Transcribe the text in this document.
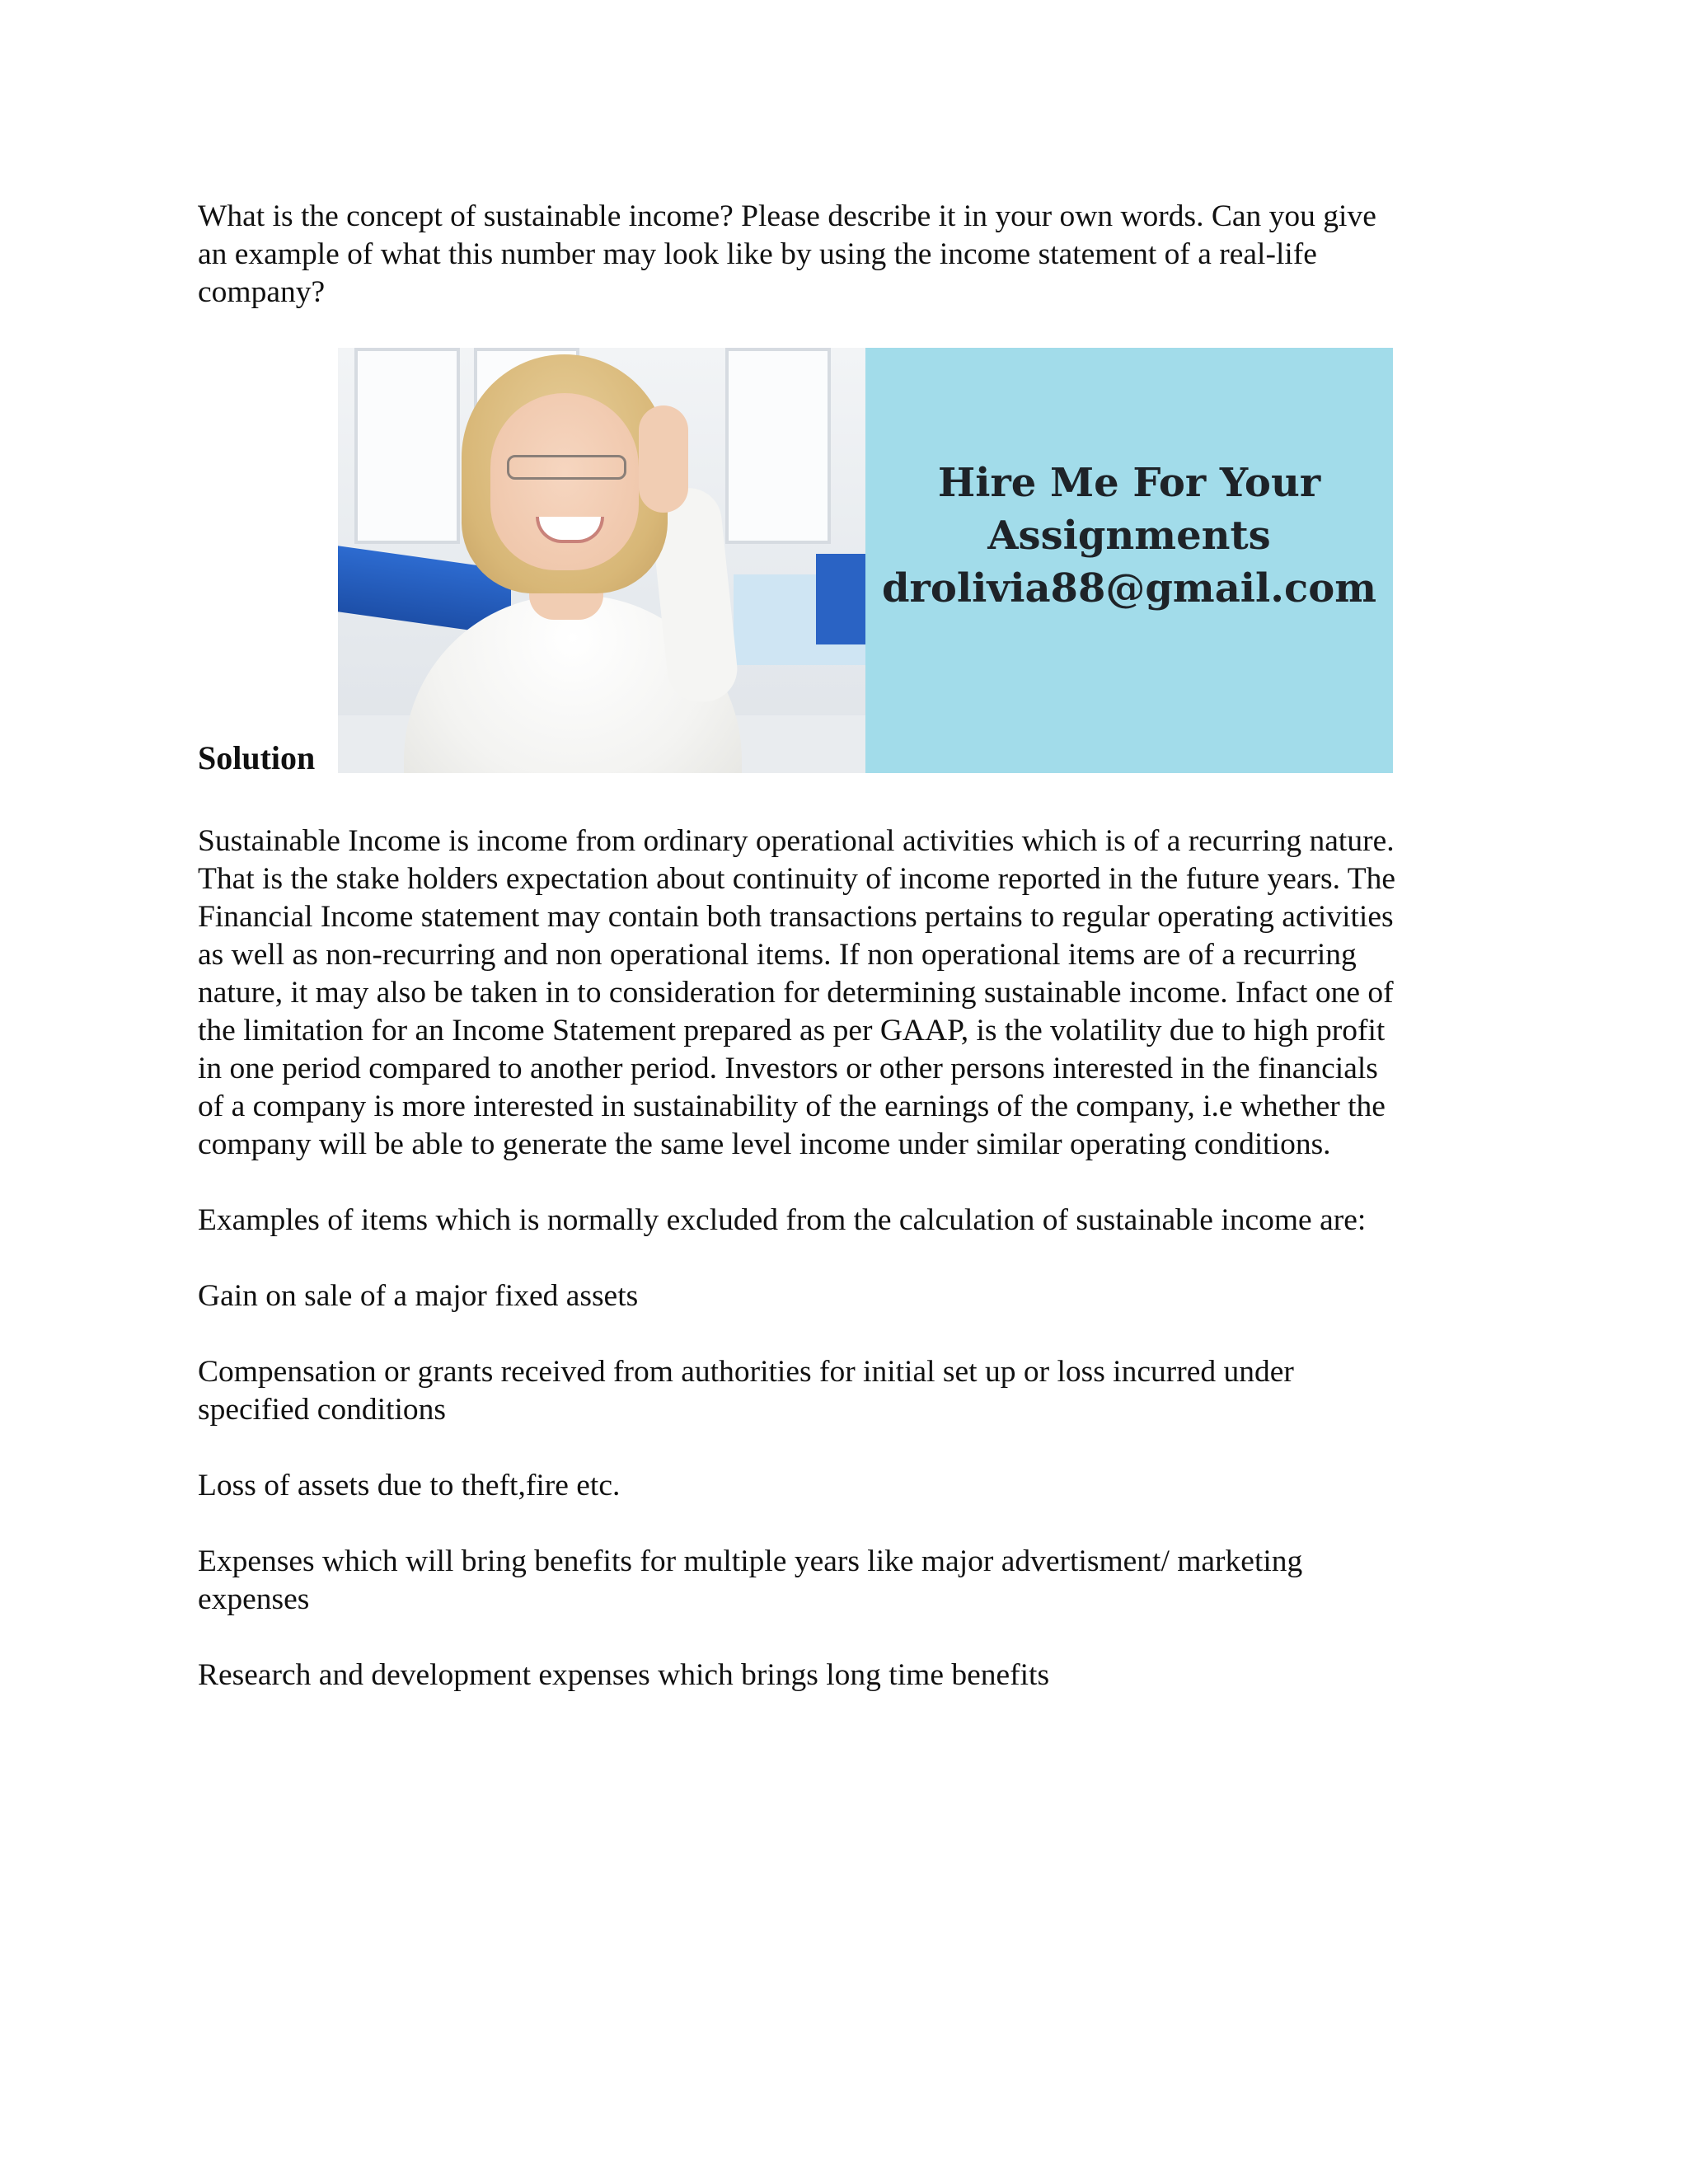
What is the concept of sustainable income? Please describe it in your own words. Can you give

an example of what this number may look like by using the income statement of a real-life

company?

Solution
Hire Me For Your
Assignments
drolivia88@gmail.com

Sustainable Income is income from ordinary operational activities which is of a recurring nature.

That is the stake holders expectation about continuity of income reported in the future years. The

Financial Income statement may contain both transactions pertains to regular operating activities

as well as non-recurring and non operational items. If non operational items are of a recurring

nature, it may also be taken in to consideration for determining sustainable income. Infact one of

the limitation for an Income Statement prepared as per GAAP, is the volatility due to high profit

in one period compared to another period. Investors or other persons interested in the financials

of a company is more interested in sustainability of the earnings of the company, i.e whether the

company will be able to generate the same level income under similar operating conditions.

Examples of items which is normally excluded from the calculation of sustainable income are:

Gain on sale of a major fixed assets

Compensation or grants received from authorities for initial set up or loss incurred under

specified conditions

Loss of assets due to theft,fire etc.

Expenses which will bring benefits for multiple years like major advertisment/ marketing

expenses

Research and development expenses which brings long time benefits
